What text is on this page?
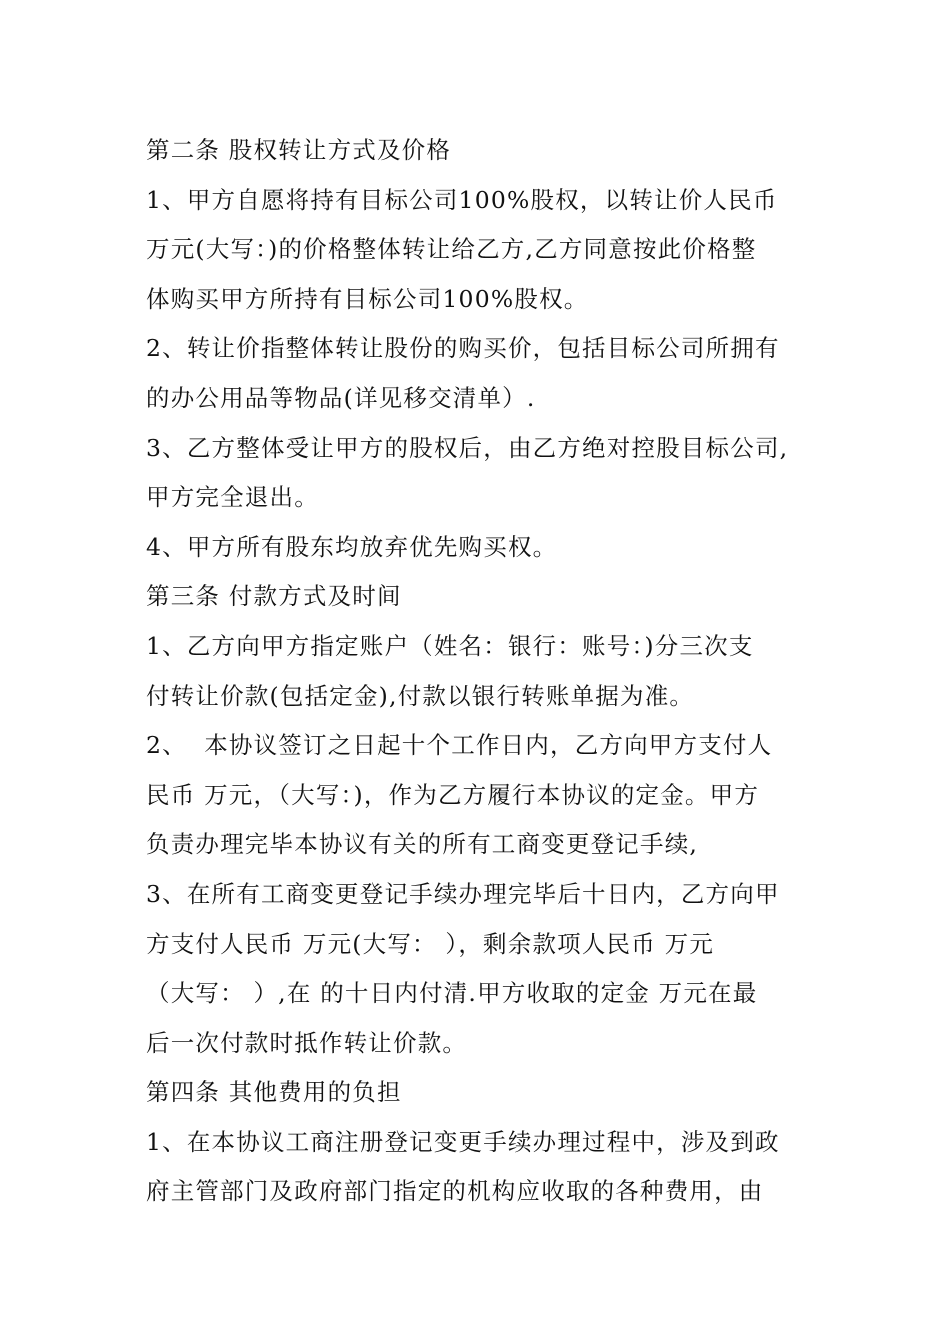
第二条 股权转让方式及价格
1、甲方自愿将持有目标公司100%股权，以转让价人民币
万元(大写：)的价格整体转让给乙方,乙方同意按此价格整
体购买甲方所持有目标公司100%股权。
2、转让价指整体转让股份的购买价，包括目标公司所拥有
的办公用品等物品(详见移交清单）.
3、乙方整体受让甲方的股权后，由乙方绝对控股目标公司,
甲方完全退出。
4、甲方所有股东均放弃优先购买权。
第三条 付款方式及时间
1、乙方向甲方指定账户（姓名：银行：账号：)分三次支
付转让价款(包括定金),付款以银行转账单据为准。
2、  本协议签订之日起十个工作日内，乙方向甲方支付人
民币 万元，（大写：)，作为乙方履行本协议的定金。甲方
负责办理完毕本协议有关的所有工商变更登记手续,
3、在所有工商变更登记手续办理完毕后十日内，乙方向甲
方支付人民币 万元(大写： ），剩余款项人民币 万元
（大写： ）,在 的十日内付清.甲方收取的定金 万元在最
后一次付款时抵作转让价款。
第四条 其他费用的负担
1、在本协议工商注册登记变更手续办理过程中，涉及到政
府主管部门及政府部门指定的机构应收取的各种费用，由
